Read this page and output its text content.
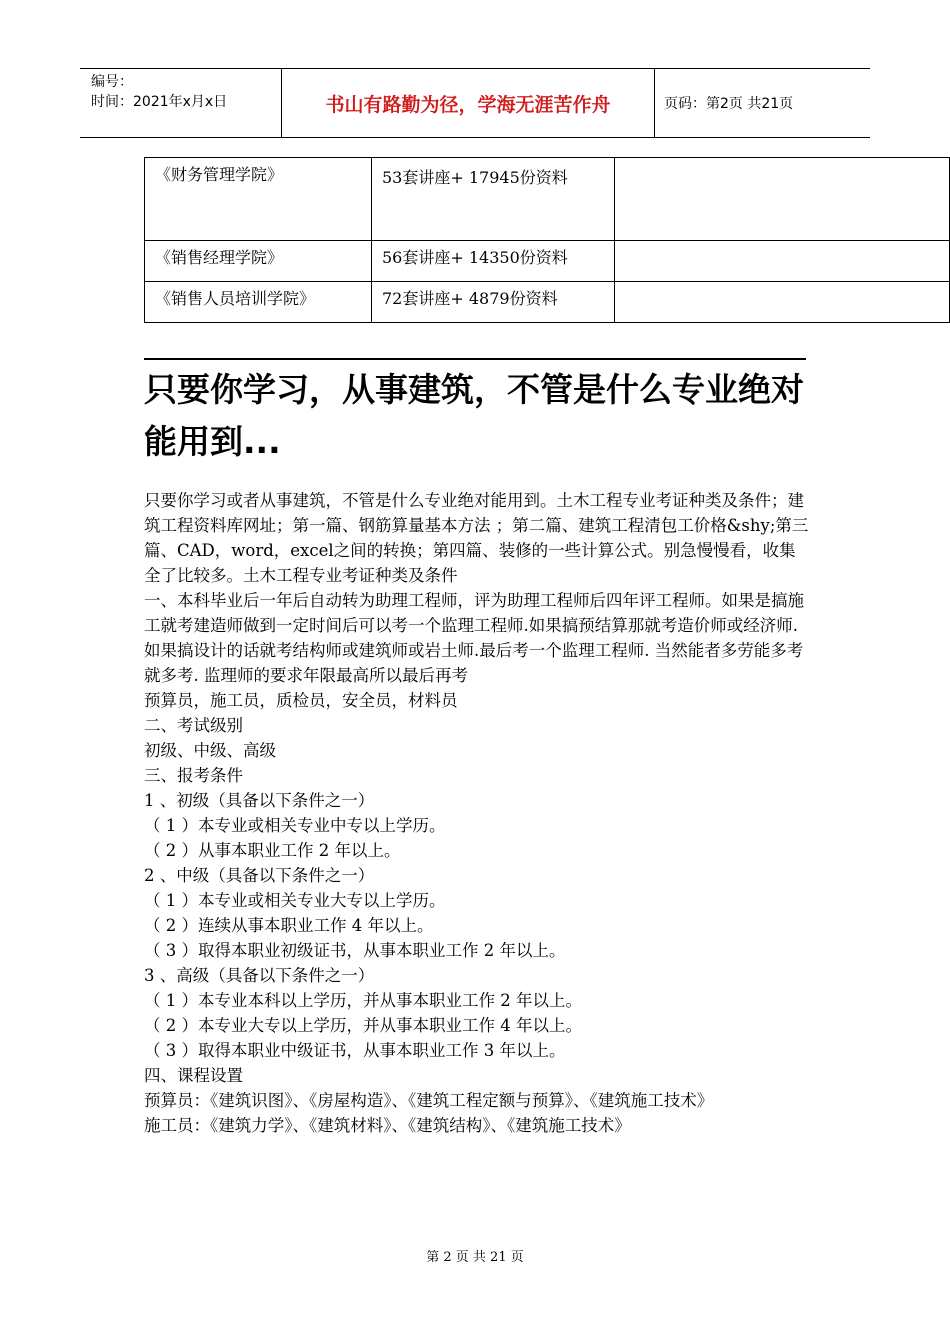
编号：
时间：2021年x月x日	书山有路勤为径，学海无涯苦作舟	页码：第2页 共21页
《财务管理学院》	53套讲座+ 17945份资料	
《销售经理学院》	56套讲座+ 14350份资料	
《销售人员培训学院》	72套讲座+ 4879份资料	
只要你学习，从事建筑，不管是什么专业绝对能用到...

只要你学习或者从事建筑，不管是什么专业绝对能用到。土木工程专业考证种类及条件；建筑工程资料库网址；第一篇、钢筋算量基本方法 ；第二篇、建筑工程清包工价格&shy;第三篇、CAD，word，excel之间的转换；第四篇、装修的一些计算公式。别急慢慢看，收集全了比较多。土木工程专业考证种类及条件

一、本科毕业后一年后自动转为助理工程师，评为助理工程师后四年评工程师。如果是搞施工就考建造师做到一定时间后可以考一个监理工程师.如果搞预结算那就考造价师或经济师. 如果搞设计的话就考结构师或建筑师或岩土师.最后考一个监理工程师. 当然能者多劳能多考就多考. 监理师的要求年限最高所以最后再考

预算员，施工员，质检员，安全员，材料员

二、考试级别

初级、中级、高级

三、报考条件

1 、初级（具备以下条件之一）

（ 1 ）本专业或相关专业中专以上学历。

（ 2 ）从事本职业工作 2 年以上。

2 、中级（具备以下条件之一）

（ 1 ）本专业或相关专业大专以上学历。

（ 2 ）连续从事本职业工作 4 年以上。

（ 3 ）取得本职业初级证书，从事本职业工作 2 年以上。

3 、高级（具备以下条件之一）

（ 1 ）本专业本科以上学历，并从事本职业工作 2 年以上。

（ 2 ）本专业大专以上学历，并从事本职业工作 4 年以上。

（ 3 ）取得本职业中级证书，从事本职业工作 3 年以上。

四、课程设置

预算员：《建筑识图》、《房屋构造》、《建筑工程定额与预算》、《建筑施工技术》

施工员：《建筑力学》、《建筑材料》、《建筑结构》、《建筑施工技术》

第 2 页 共 21 页
